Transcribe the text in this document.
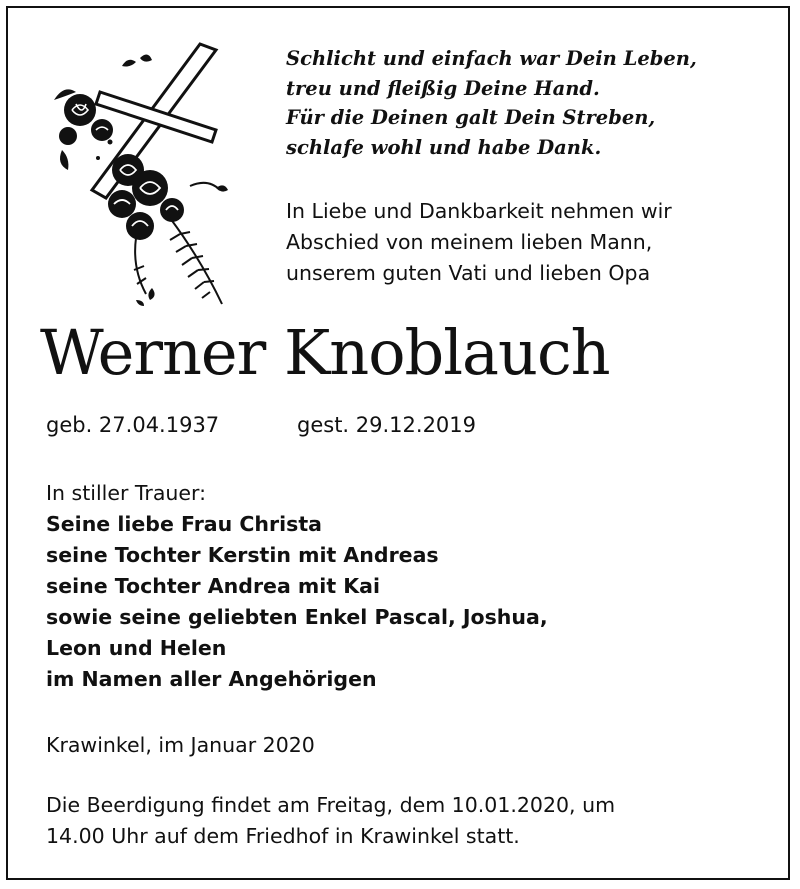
Schlicht und einfach war Dein Leben,
treu und fleißig Deine Hand.
Für die Deinen galt Dein Streben,
schlafe wohl und habe Dank.
In Liebe und Dankbarkeit nehmen wir
Abschied von meinem lieben Mann,
unserem guten Vati und lieben Opa
Werner Knoblauch
geb. 27.04.1937	gest. 29.12.2019
In stiller Trauer:
Seine liebe Frau Christa
seine Tochter Kerstin mit Andreas
seine Tochter Andrea mit Kai
sowie seine geliebten Enkel Pascal, Joshua,
Leon und Helen
im Namen aller Angehörigen
Krawinkel, im Januar 2020
Die Beerdigung findet am Freitag, dem 10.01.2020, um
14.00 Uhr auf dem Friedhof in Krawinkel statt.
